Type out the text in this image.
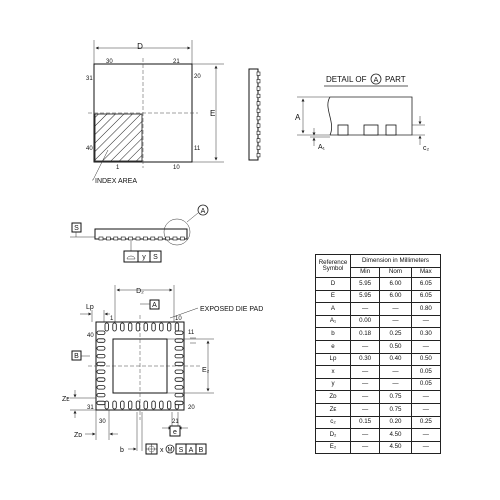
D
E
30	21
20
31
40	11
1	10
INDEX AREA
DETAIL OF A PART
A
A₁	c₂
S
A
y S
D₂
A
EXPOSED DIE PAD
Lp
40
1	10
11
20
21
30
31
B
E₂
Zᴇ
Zᴅ	e
b	x M S A B
Reference Symbol	Dimension in Millimeters		
	Min	Nom	Max
D	5.95	6.00	6.05
E	5.95	6.00	6.05
A	—	—	0.80
A₁	0.00	—	—
b	0.18	0.25	0.30
e	—	0.50	—
Lp	0.30	0.40	0.50
x	—	—	0.05
y	—	—	0.05
Zᴅ	—	0.75	—
Zᴇ	—	0.75	—
c₂	0.15	0.20	0.25
D₂	—	4.50	—
E₂	—	4.50	—
